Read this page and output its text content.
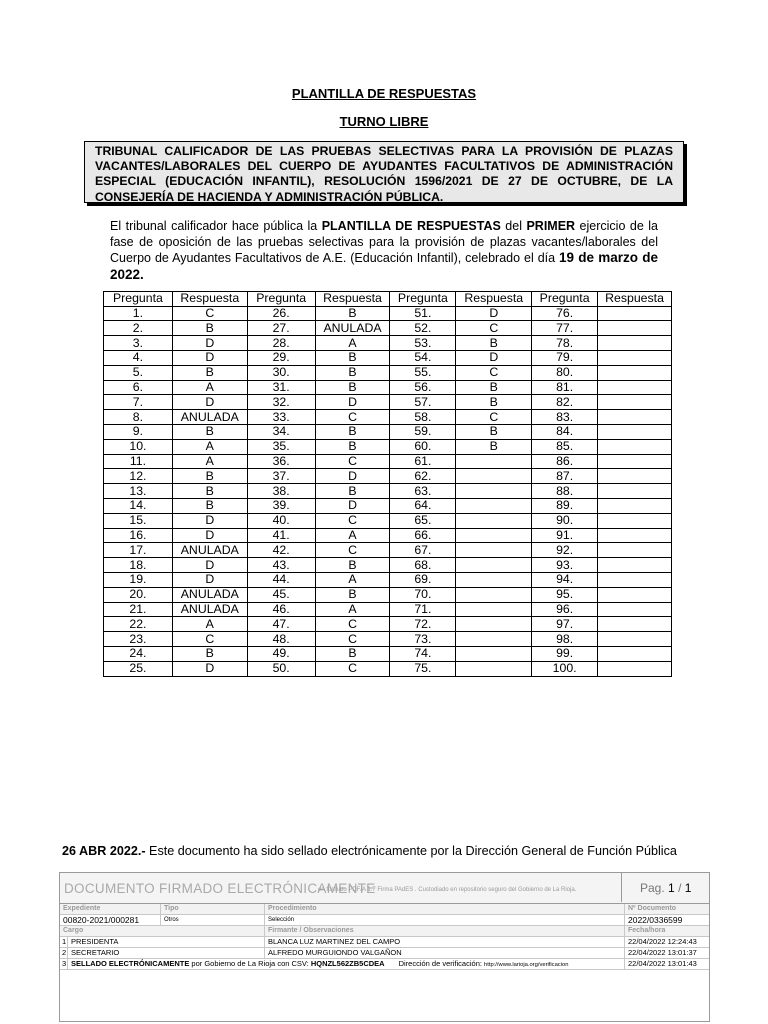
PLANTILLA DE RESPUESTAS
TURNO LIBRE
TRIBUNAL CALIFICADOR DE LAS PRUEBAS SELECTIVAS PARA LA PROVISIÓN DE PLAZAS VACANTES/LABORALES DEL CUERPO DE AYUDANTES FACULTATIVOS DE ADMINISTRACIÓN ESPECIAL (EDUCACIÓN INFANTIL), RESOLUCIÓN 1596/2021 DE 27 DE OCTUBRE, DE LA CONSEJERÍA DE HACIENDA Y ADMINISTRACIÓN PÚBLICA.
El tribunal calificador hace pública la PLANTILLA DE RESPUESTAS del PRIMER ejercicio de la fase de oposición de las pruebas selectivas para la provisión de plazas vacantes/laborales del Cuerpo de Ayudantes Facultativos de A.E. (Educación Infantil), celebrado el día 19 de marzo de 2022.
Pregunta	Respuesta	Pregunta	Respuesta	Pregunta	Respuesta	Pregunta	Respuesta
1.	C	26.	B	51.	D	76.	
2.	B	27.	ANULADA	52.	C	77.	
3.	D	28.	A	53.	B	78.	
4.	D	29.	B	54.	D	79.	
5.	B	30.	B	55.	C	80.	
6.	A	31.	B	56.	B	81.	
7.	D	32.	D	57.	B	82.	
8.	ANULADA	33.	C	58.	C	83.	
9.	B	34.	B	59.	B	84.	
10.	A	35.	B	60.	B	85.	
11.	A	36.	C	61.		86.	
12.	B	37.	D	62.		87.	
13.	B	38.	B	63.		88.	
14.	B	39.	D	64.		89.	
15.	D	40.	C	65.		90.	
16.	D	41.	A	66.		91.	
17.	ANULADA	42.	C	67.		92.	
18.	D	43.	B	68.		93.	
19.	D	44.	A	69.		94.	
20.	ANULADA	45.	B	70.		95.	
21.	ANULADA	46.	A	71.		96.	
22.	A	47.	C	72.		97.	
23.	C	48.	C	73.		98.	
24.	B	49.	B	74.		99.	
25.	D	50.	C	75.		100.	
26 ABR 2022.- Este documento ha sido sellado electrónicamente por la Dirección General de Función Pública
DOCUMENTO FIRMADO ELECTRÓNICAMENTE
en formato PDF/A 1.7 Firma PAdES . Custodiado en repositorio seguro del Gobierno de La Rioja.	Pag. 1 / 1
Expediente	Tipo	Procedimiento	Nº Documento
00820-2021/000281	Otros	Selección	2022/0336599
Cargo	Firmante / Observaciones	Fecha/hora
1 PRESIDENTA	BLANCA LUZ MARTINEZ DEL CAMPO	22/04/2022 12:24:43
2 SECRETARIO	ALFREDO MURGUIONDO VALGAÑON	22/04/2022 13:01:37
3 SELLADO ELECTRÓNICAMENTE por Gobierno de La Rioja con CSV: HQNZL562ZB5CDEA Dirección de verificación: http://www.larioja.org/verificacion	22/04/2022 13:01:43
